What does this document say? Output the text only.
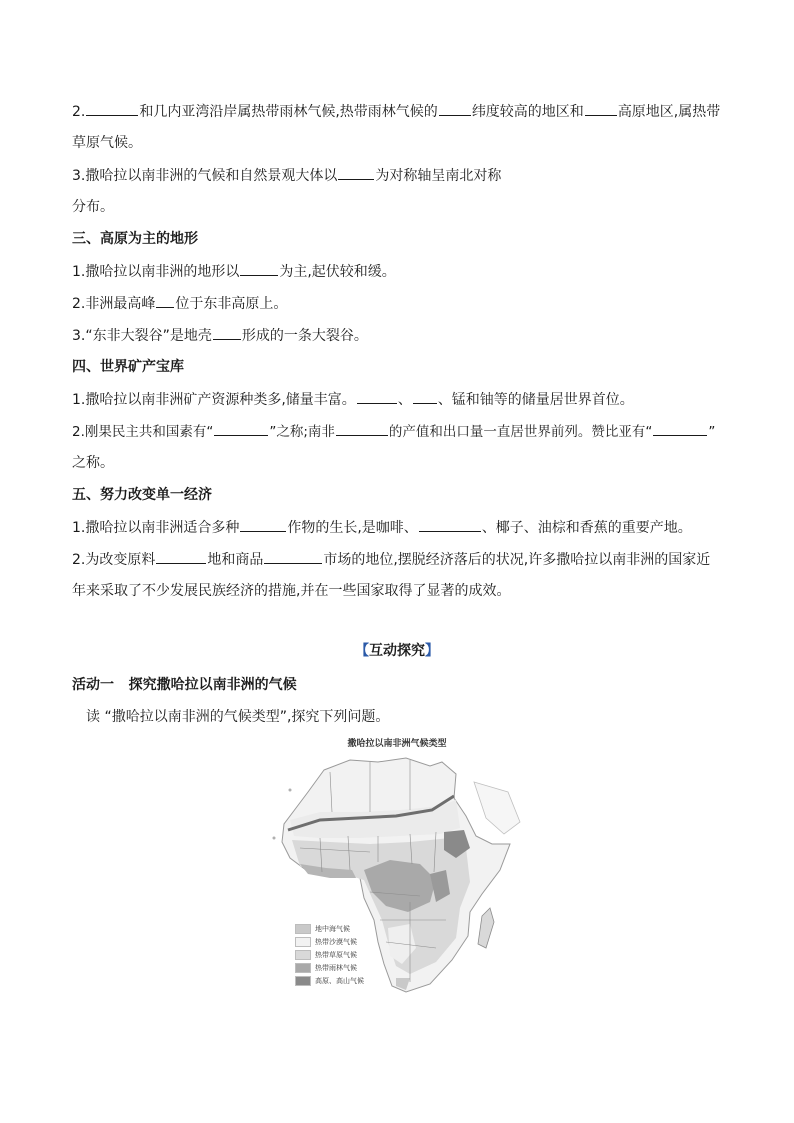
2.	和几内亚湾沿岸属热带雨林气候,热带雨林气候的 纬度较高的地区和 高原地区,属热带
草原气候。
3.撒哈拉以南非洲的气候和自然景观大体以	为对称轴呈南北对称
分布。
三、高原为主的地形
1.撒哈拉以南非洲的地形以	为主,起伏较和缓。
2.非洲最高峰 位于东非高原上。
3.“东非大裂谷”是地壳 形成的一条大裂谷。
四、世界矿产宝库
1.撒哈拉以南非洲矿产资源种类多,储量丰富。	、 、锰和铀等的储量居世界首位。
2.刚果民主共和国素有“	”之称;南非	的产值和出口量一直居世界前列。赞比亚有“	”
之称。
五、努力改变单一经济
1.撒哈拉以南非洲适合多种	作物的生长,是咖啡、	、椰子、油棕和香蕉的重要产地。
2.为改变原料	地和商品	市场的地位,摆脱经济落后的状况,许多撒哈拉以南非洲的国家近
年来采取了不少发展民族经济的措施,并在一些国家取得了显著的成效。
【互动探究】
活动一   探究撒哈拉以南非洲的气候
读 “撒哈拉以南非洲的气候类型”,探究下列问题。
撒哈拉以南非洲气候类型
地中海气候
热带沙漠气候
热带草原气候
热带雨林气候
高原、高山气候
